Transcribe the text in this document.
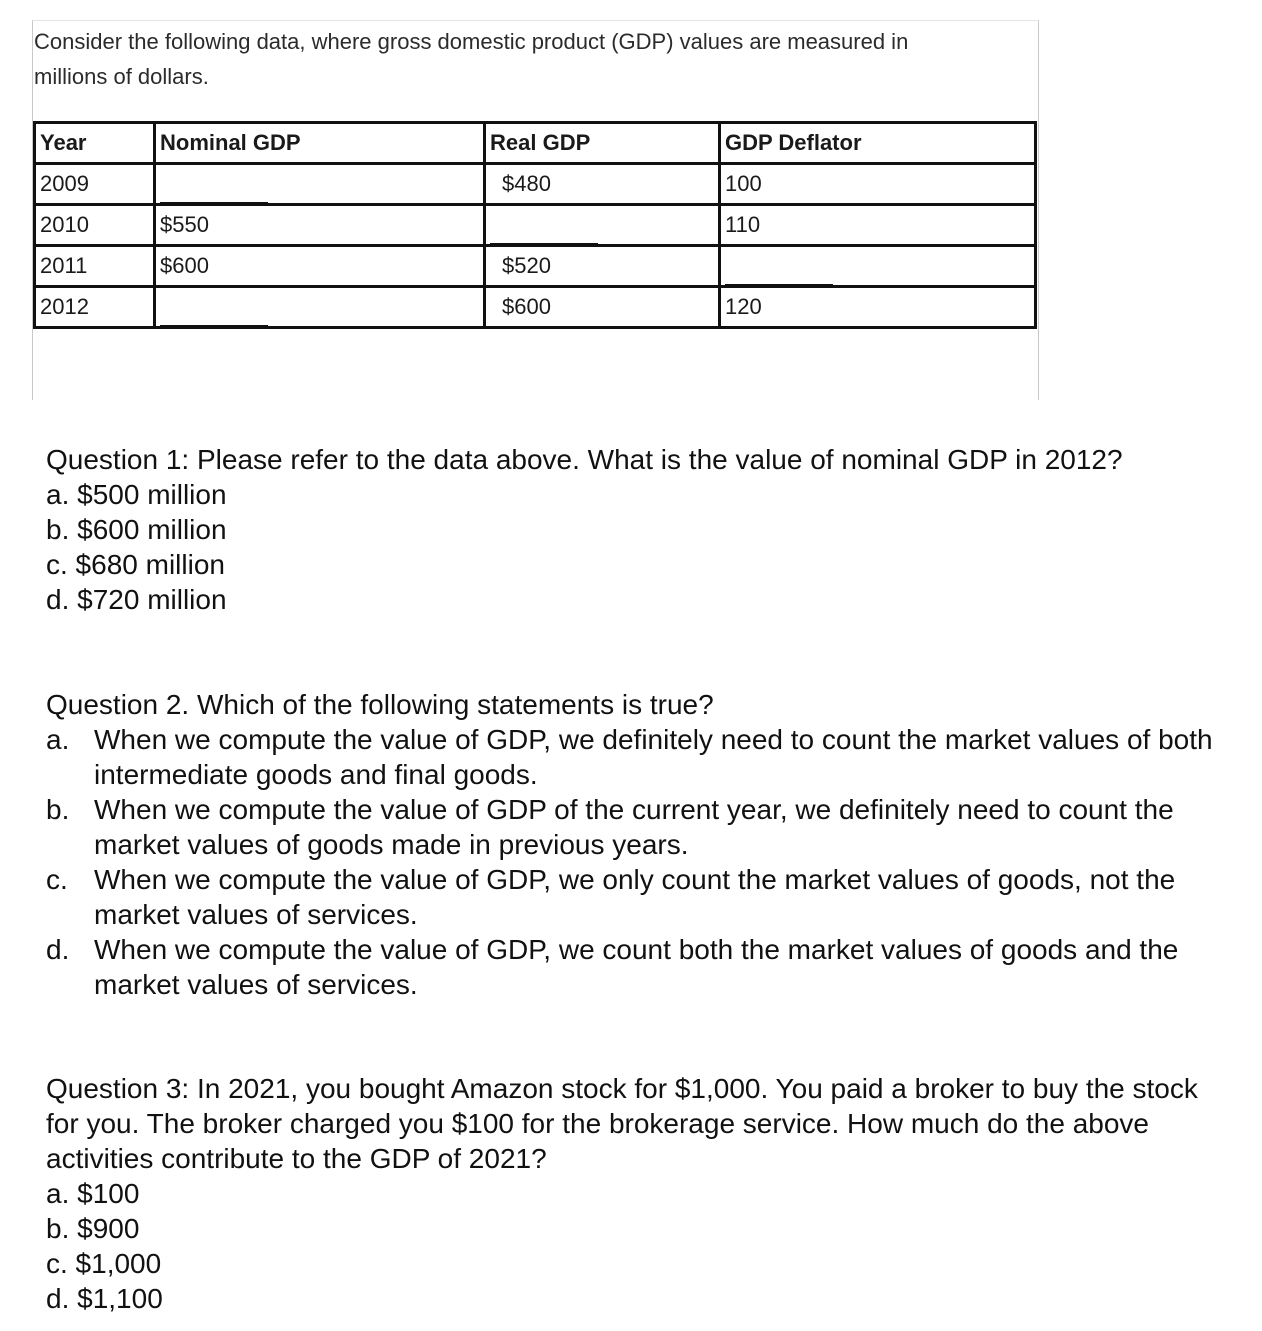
Consider the following data, where gross domestic product (GDP) values are measured in
millions of dollars.
Year	Nominal GDP	Real GDP	GDP Deflator
2009		$480	100
2010	$550		110
2011	$600	$520	
2012		$600	120

Question 1: Please refer to the data above. What is the value of nominal GDP in 2012?

a. $500 million
b. $600 million
c. $680 million
d. $720 million

Question 2. Which of the following statements is true?

a. When we compute the value of GDP, we definitely need to count the market values of both intermediate goods and final goods.
b. When we compute the value of GDP of the current year, we definitely need to count the market values of goods made in previous years.
c. When we compute the value of GDP, we only count the market values of goods, not the market values of services.
d. When we compute the value of GDP, we count both the market values of goods and the market values of services.

Question 3: In 2021, you bought Amazon stock for $1,000. You paid a broker to buy the stock for you. The broker charged you $100 for the brokerage service. How much do the above activities contribute to the GDP of 2021?

a. $100
b. $900
c. $1,000
d. $1,100
